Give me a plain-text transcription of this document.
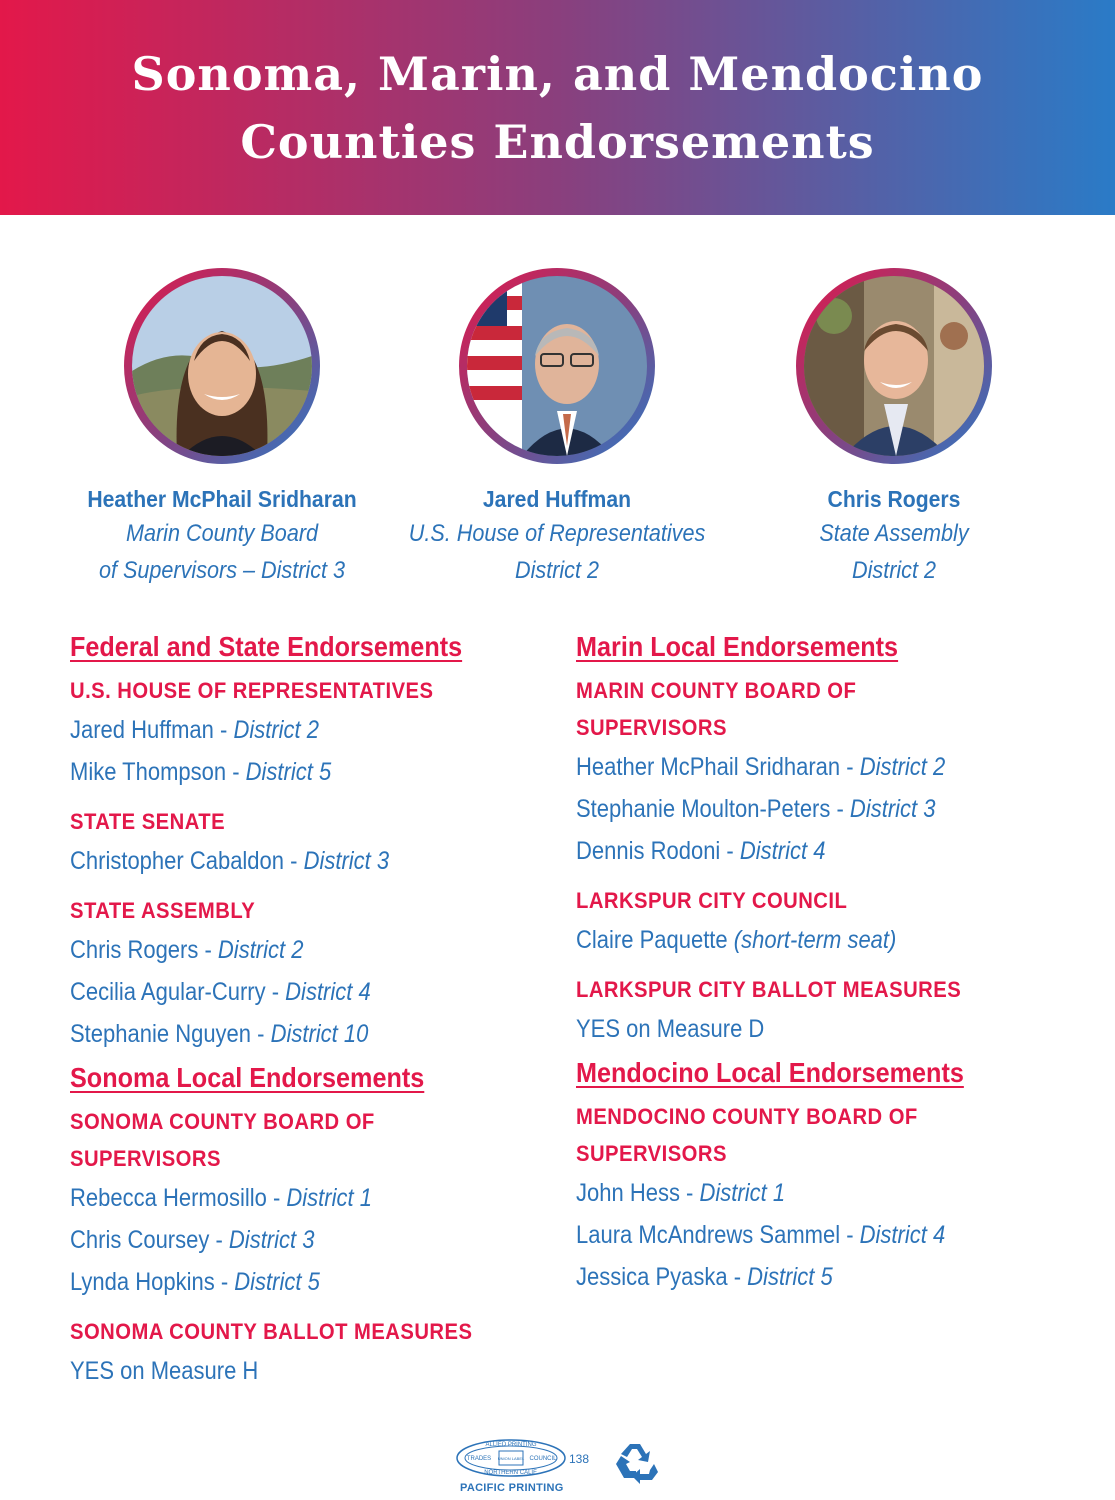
Sonoma, Marin, and Mendocino
Counties Endorsements
Heather McPhail Sridharan
Marin County Board
of Supervisors – District 3
Jared Huffman
U.S. House of Representatives
District 2
Chris Rogers
State Assembly
District 2
Federal and State Endorsements
U.S. HOUSE OF REPRESENTATIVES
Jared Huffman - District 2
Mike Thompson - District 5
STATE SENATE
Christopher Cabaldon - District 3
STATE ASSEMBLY
Chris Rogers - District 2
Cecilia Agular-Curry - District 4
Stephanie Nguyen - District 10
Sonoma Local Endorsements
SONOMA COUNTY BOARD OF
SUPERVISORS
Rebecca Hermosillo - District 1
Chris Coursey - District 3
Lynda Hopkins - District 5
SONOMA COUNTY BALLOT MEASURES
YES on Measure H
Marin Local Endorsements
MARIN COUNTY BOARD OF
SUPERVISORS
Heather McPhail Sridharan - District 2
Stephanie Moulton-Peters - District 3
Dennis Rodoni - District 4
LARKSPUR CITY COUNCIL
Claire Paquette (short-term seat)
LARKSPUR CITY BALLOT MEASURES
YES on Measure D
Mendocino Local Endorsements
MENDOCINO COUNTY BOARD OF
SUPERVISORS
John Hess - District 1
Laura McAndrews Sammel - District 4
Jessica Pyaska - District 5
ALLIED PRINTING
TRADES UNION LABEL COUNCIL
NORTHERN CALIF.
138
PACIFIC PRINTING
